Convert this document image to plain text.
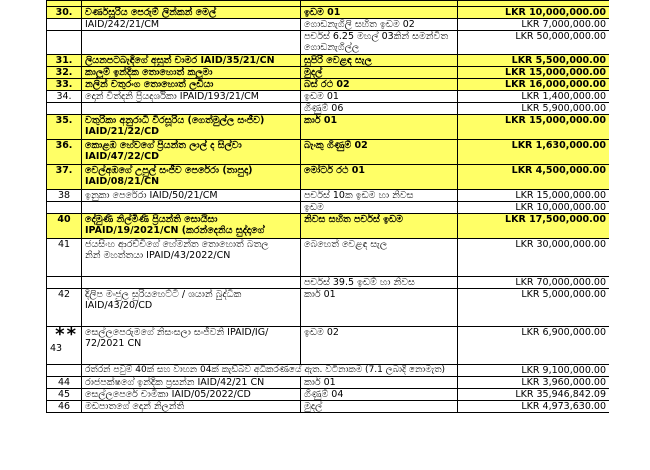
30.	වර්ණසූරිය පෙරුම් ලින්කන් මෙල්	ඉඩම 01	LKR 10,000,000.00
	IAID/242/21/CM	ගොඩනැගිලි සහිත ඉඩම 02	LKR 7,000,000.00
		පර්චස් 6.25 මහල් 03කින් සමන්විත ගොඩනැගිල්ල	LKR 50,000,000.00
31.	ලියනපටබැඳිගේ අසුත් චාමර IAID/35/21/CN	සුපිරි වෙළඳ සැල	LKR 5,500,000.00
32.	කාලුම් ඉන්දික තොහොත් කලුමා	මුදල්	LKR 15,000,000.00
33.	නලින් චතුරංග තොහොත් ලඩියා	බස් රථ 02	LKR 16,000,000.00
34.	දොන් විත්දනි ප්‍රියදර්ශිකා IPAID/193/21/CM	ඉඩම 01	LKR 1,400,000.00
		ගිණුම් 06	LKR 5,900,000.00
35.	වතුරිකා අනුරාධි වීරසූරිය (ගෙත්මුල්ල සංජීව)
IAID/21/22/CD	කාර් 01	LKR 15,000,000.00
36.	කොළඹ හේවගේ ප්‍රියන්ත ලාල් ද සිල්වා
IAID/47/22/CD	බැංකු ගිණුම් 02	LKR 1,630,000.00
37.	වෙල්අඹගේ උපුල් සංජීව පෙරේරා (තාපුදා)
IAID/08/21/CN	මෝටර් රථ 01	LKR 4,500,000.00
38	ඉනුකා පෙරේරා IAID/50/21/CM	පර්චස් 10ක ඉඩම හා නිවස	LKR 15,000,000.00
		ඉඩම	LKR 10,000,000.00
40	දේමුණි නිල්මිණි ප්‍රියන්ති සොයිසා
IPAID/19/2021/CN (කරන්දෙනිය සුද්දාගේ	නිවස සහිත පර්චස් ඉඩම	LKR 17,500,000.00
41	ජයසිංහ ආරච්චිගේ හේමන්ත තොහොත් බතල
නින් මහත්තයා IPAID/43/2022/CN	බෙහෙත් වෙළඳ සැල	LKR 30,000,000.00
		පර්චස් 39.5 ඉඩම් හා නිවස	LKR 70,000,000.00
42	දිලිප මංජුල සුරියහෙට්ටි / ශයාන් බුද්ධික
IAID/43/20/CD	කාර් 01	LKR 5,000,000.00

**
43	සෙල්ලපෙරුමගේ නිසංසලා සංජීවනි IPAID/IG/
72/2021 CN	ඉඩම 02	LKR 6,900,000.00
	රත්රන් පවුම් 40ක් සහ වාහන 04ක් කැඩ්බව අධිකරණයේ ඇත. වටිනාකම (7.1 ලබාදි නොමැත)		LKR 9,100,000.00
44	රාජපක්ෂගේ ඉන්දික ප්‍රසන්න IAID/42/21 CN	කාර් 01	LKR 3,960,000.00
45	සෙල්ලපෙරේ චාමිකා IAID/05/2022/CD	ගිණුම් 04	LKR 35,946,842.09
46	මඩපාතගේ දොන් නිලන්ති	මුදල්	LKR 4,973,630.00
